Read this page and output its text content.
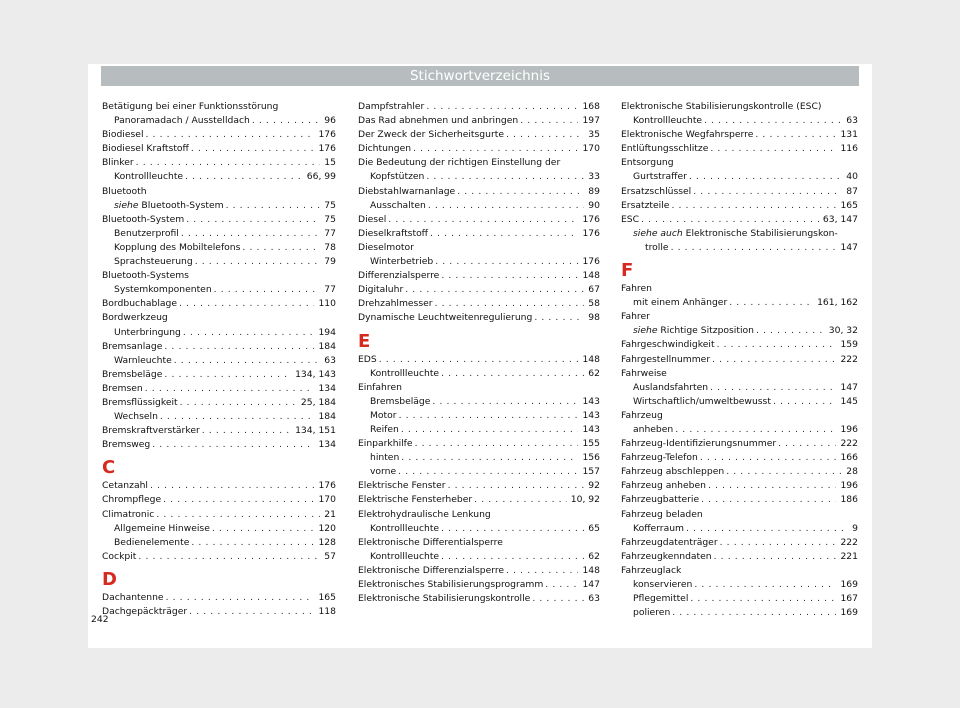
Stichwortverzeichnis
Betätigung bei einer Funktionsstörung
Panoramadach / Ausstelldach . . .	96
Biodiesel . . .	176
Biodiesel Kraftstoff . . .	176
Blinker . . .	15
Kontrollleuchte . . .	66, 99
Bluetooth
siehe Bluetooth-System . . .	75
Bluetooth-System . . .	75
Benutzerprofil . . .	77
Kopplung des Mobiltelefons . . .	78
Sprachsteuerung . . .	79
Bluetooth-Systems
Systemkomponenten . . .	77
Bordbuchablage . . .	110
Bordwerkzeug
Unterbringung . . .	194
Bremsanlage . . .	184
Warnleuchte . . .	63
Bremsbeläge . . .	134, 143
Bremsen . . .	134
Bremsflüssigkeit . . .	25, 184
Wechseln . . .	184
Bremskraftverstärker . . .	134, 151
Bremsweg . . .	134
C
Cetanzahl . . .	176
Chrompflege . . .	170
Climatronic . . .	21
Allgemeine Hinweise . . .	120
Bedienelemente . . .	128
Cockpit . . .	57
D
Dachantenne . . .	165
Dachgepäckträger . . .	118
Dampfstrahler . . .	168
Das Rad abnehmen und anbringen . . .	197
Der Zweck der Sicherheitsgurte . . .	35
Dichtungen . . .	170
Die Bedeutung der richtigen Einstellung der
Kopfstützen . . .	33
Diebstahlwarnanlage . . .	89
Ausschalten . . .	90
Diesel . . .	176
Dieselkraftstoff . . .	176
Dieselmotor
Winterbetrieb . . .	176
Differenzialsperre . . .	148
Digitaluhr . . .	67
Drehzahlmesser . . .	58
Dynamische Leuchtweitenregulierung . . .	98
E
EDS . . .	148
Kontrollleuchte . . .	62
Einfahren
Bremsbeläge . . .	143
Motor . . .	143
Reifen . . .	143
Einparkhilfe . . .	155
hinten . . .	156
vorne . . .	157
Elektrische Fenster . . .	92
Elektrische Fensterheber . . .	10, 92
Elektrohydraulische Lenkung
Kontrollleuchte . . .	65
Elektronische Differentialsperre
Kontrollleuchte . . .	62
Elektronische Differenzialsperre . . .	148
Elektronisches Stabilisierungsprogramm . . .	147
Elektronische Stabilisierungskontrolle . . .	63
Elektronische Stabilisierungskontrolle (ESC)
Kontrollleuchte . . .	63
Elektronische Wegfahrsperre . . .	131
Entlüftungsschlitze . . .	116
Entsorgung
Gurtstraffer . . .	40
Ersatzschlüssel . . .	87
Ersatzteile . . .	165
ESC . . .	63, 147
siehe auch Elektronische Stabilisierungskon-
trolle . . .	147
F
Fahren
mit einem Anhänger . . .	161, 162
Fahrer
siehe Richtige Sitzposition . . .	30, 32
Fahrgeschwindigkeit . . .	159
Fahrgestellnummer . . .	222
Fahrweise
Auslandsfahrten . . .	147
Wirtschaftlich/umweltbewusst . . .	145
Fahrzeug
anheben . . .	196
Fahrzeug-Identifizierungsnummer . . .	222
Fahrzeug-Telefon . . .	166
Fahrzeug abschleppen . . .	28
Fahrzeug anheben . . .	196
Fahrzeugbatterie . . .	186
Fahrzeug beladen
Kofferraum . . .	9
Fahrzeugdatenträger . . .	222
Fahrzeugkenndaten . . .	221
Fahrzeuglack
konservieren . . .	169
Pflegemittel . . .	167
polieren . . .	169
242
